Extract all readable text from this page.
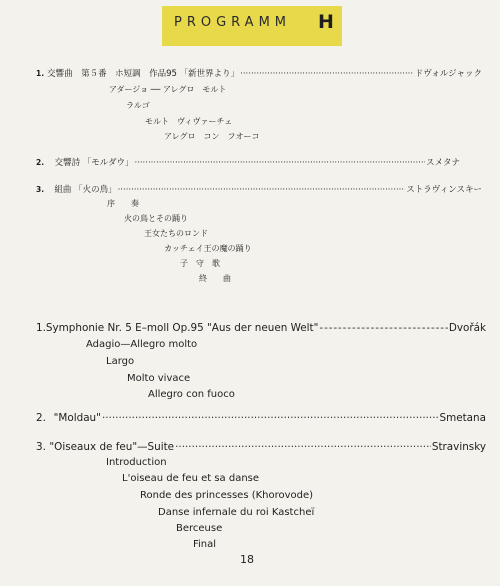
PROGRAMM H
1. 交響曲　第５番　ホ短調　作品95 「新世界より」 ·····	ドヴォルジャック
アダージョ ── アレグロ　モルト
ラルゴ
モルト　ヴィヴァーチェ
アレグロ　コン　フオーコ
2.	交響詩 「モルダウ」 ·····	スメタナ
3.	組曲 「火の鳥」 ·····	ストラヴィンスキー
序　　奏
火の鳥とその踊り
王女たちのロンド
カッチェイ王の魔の踊り
子　守　歌
終　　曲
1. Symphonie Nr. 5 E–moll Op.95 "Aus der neuen Welt" -----	Dvořák
Adagio—Allegro molto
Largo
Molto vivace
Allegro con fuoco
2. "Moldau" ·····	Smetana
3. "Oiseaux de feu"—Suite ·····	Stravinsky
Introduction
L'oiseau de feu et sa danse
Ronde des princesses (Khorovode)
Danse infernale du roi Kastcheï
Berceuse
Final
18
